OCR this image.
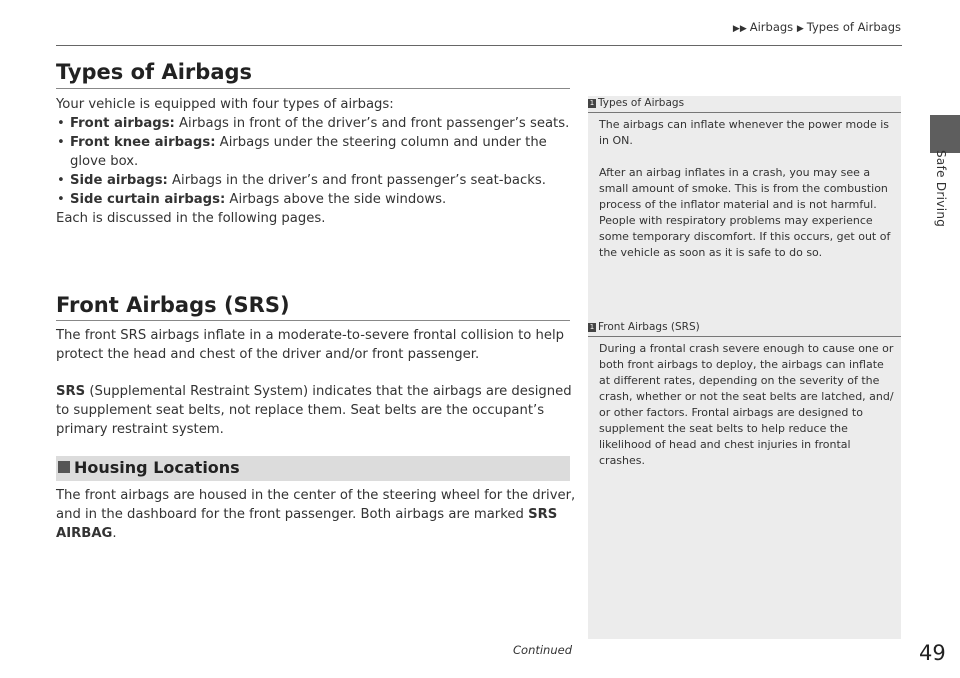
▶▶ Airbags ▶ Types of Airbags
Safe Driving
Types of Airbags

Your vehicle is equipped with four types of airbags:

• Front airbags: Airbags in front of the driver’s and front passenger’s seats.
• Front knee airbags: Airbags under the steering column and under the glove box.
• Side airbags: Airbags in the driver’s and front passenger’s seat-backs.
• Side curtain airbags: Airbags above the side windows.

Each is discussed in the following pages.

Front Airbags (SRS)

The front SRS airbags inflate in a moderate-to-severe frontal collision to help protect the head and chest of the driver and/or front passenger.

SRS (Supplemental Restraint System) indicates that the airbags are designed to supplement seat belts, not replace them. Seat belts are the occupant’s primary restraint system.

Housing Locations

The front airbags are housed in the center of the steering wheel for the driver, and in the dashboard for the front passenger. Both airbags are marked SRS AIRBAG.

1 Types of Airbags

The airbags can inflate whenever the power mode is in ON.

After an airbag inflates in a crash, you may see a small amount of smoke. This is from the combustion process of the inflator material and is not harmful. People with respiratory problems may experience some temporary discomfort. If this occurs, get out of the vehicle as soon as it is safe to do so.

1 Front Airbags (SRS)

During a frontal crash severe enough to cause one or both front airbags to deploy, the airbags can inflate at different rates, depending on the severity of the crash, whether or not the seat belts are latched, and/ or other factors. Frontal airbags are designed to supplement the seat belts to help reduce the likelihood of head and chest injuries in frontal crashes.

Continued	49
